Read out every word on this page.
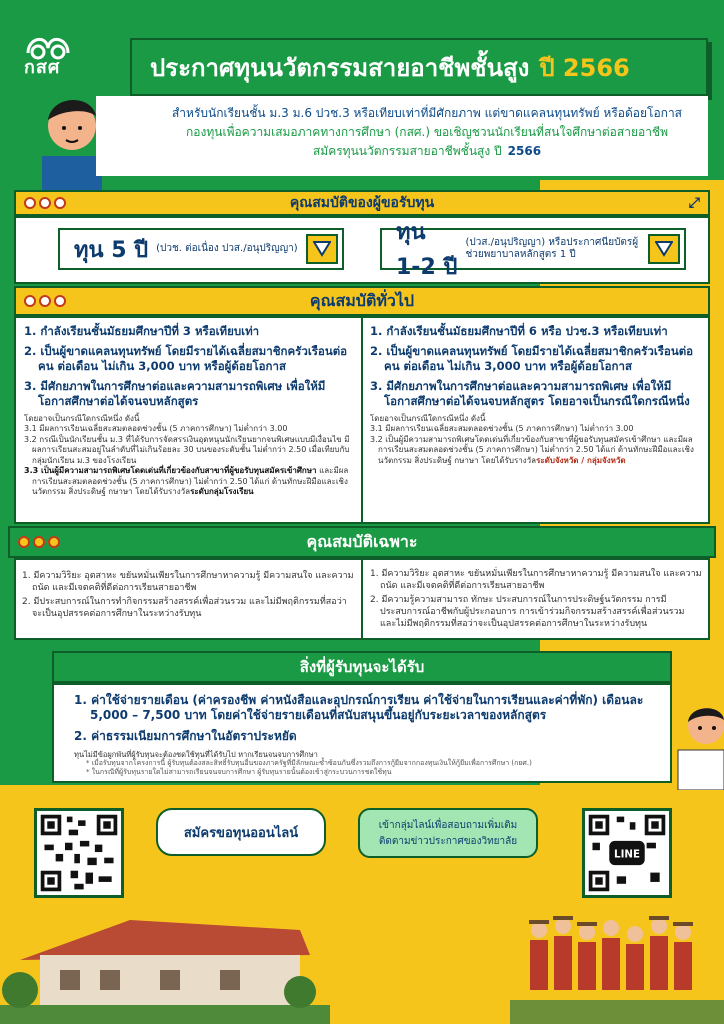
กสศ	ประกาศทุนนวัตกรรมสายอาชีพชั้นสูง ปี 2566
สำหรับนักเรียนชั้น ม.3 ม.6 ปวช.3 หรือเทียบเท่าที่มีศักยภาพ แต่ขาดแคลนทุนทรัพย์ หรือด้อยโอกาส
กองทุนเพื่อความเสมอภาคทางการศึกษา (กสศ.) ขอเชิญชวนนักเรียนที่สนใจศึกษาต่อสายอาชีพ
สมัครทุนนวัตกรรมสายอาชีพชั้นสูง ปี 2566
คุณสมบัติของผู้ขอรับทุน	⤢
ทุน 5 ปี (ปวช. ต่อเนื่อง ปวส./อนุปริญญา)
ทุน 1-2 ปี
(ปวส./อนุปริญญา) หรือประกาศนียบัตรผู้ช่วยพยาบาลหลักสูตร 1 ปี
คุณสมบัติทั่วไป
1. กำลังเรียนชั้นมัธยมศึกษาปีที่ 3 หรือเทียบเท่า
2. เป็นผู้ขาดแคลนทุนทรัพย์ โดยมีรายได้เฉลี่ยสมาชิกครัวเรือนต่อคน ต่อเดือน ไม่เกิน 3,000 บาท หรือผู้ด้อยโอกาส
3. มีศักยภาพในการศึกษาต่อและความสามารถพิเศษ เพื่อให้มีโอกาสศึกษาต่อได้จนจบหลักสูตร
โดยอาจเป็นกรณีใดกรณีหนึ่ง ดังนี้
3.1 มีผลการเรียนเฉลี่ยสะสมตลอดช่วงชั้น (5 ภาคการศึกษา) ไม่ต่ำกว่า 3.00
3.2 กรณีเป็นนักเรียนชั้น ม.3 ที่ได้รับการจัดสรรเงินอุดหนุนนักเรียนยากจนพิเศษแบบมีเงื่อนไข มีผลการเรียนสะสมอยู่ในลำดับที่ไม่เกินร้อยละ 30 บนของระดับชั้น ไม่ต่ำกว่า 2.50 เมื่อเทียบกับกลุ่มนักเรียน ม.3 ของโรงเรียน
3.3 เป็นผู้มีความสามารถพิเศษโดดเด่นที่เกี่ยวข้องกับสาขาที่ผู้ขอรับทุนสมัครเข้าศึกษา และมีผลการเรียนสะสมตลอดช่วงชั้น (5 ภาคการศึกษา) ไม่ต่ำกว่า 2.50 ได้แก่ ด้านทักษะฝีมือและเชิงนวัตกรรม สิ่งประดิษฐ์ กษาษา โดยได้รับรางวัลระดับกลุ่มโรงเรียน
1. กำลังเรียนชั้นมัธยมศึกษาปีที่ 6 หรือ ปวช.3 หรือเทียบเท่า
2. เป็นผู้ขาดแคลนทุนทรัพย์ โดยมีรายได้เฉลี่ยสมาชิกครัวเรือนต่อคน ต่อเดือน ไม่เกิน 3,000 บาท หรือผู้ด้อยโอกาส
3. มีศักยภาพในการศึกษาต่อและความสามารถพิเศษ เพื่อให้มีโอกาสศึกษาต่อได้จนจบหลักสูตร โดยอาจเป็นกรณีใดกรณีหนึ่ง
โดยอาจเป็นกรณีใดกรณีหนึ่ง ดังนี้
3.1 มีผลการเรียนเฉลี่ยสะสมตลอดช่วงชั้น (5 ภาคการศึกษา) ไม่ต่ำกว่า 3.00
3.2 เป็นผู้มีความสามารถพิเศษโดดเด่นที่เกี่ยวข้องกับสาขาที่ผู้ขอรับทุนสมัครเข้าศึกษา และมีผลการเรียนสะสมตลอดช่วงชั้น (5 ภาคการศึกษา) ไม่ต่ำกว่า 2.50 ได้แก่ ด้านทักษะฝีมือและเชิงนวัตกรรม สิ่งประดิษฐ์ กษาษา โดยได้รับรางวัลระดับจังหวัด / กลุ่มจังหวัด
คุณสมบัติเฉพาะ
1. มีความวิริยะ อุตสาหะ ขยันหมั่นเพียรในการศึกษาหาความรู้ มีความสนใจ และความถนัด และมีเจตคติที่ดีต่อการเรียนสายอาชีพ
2. มีประสบการณ์ในการทำกิจกรรมสร้างสรรค์เพื่อส่วนรวม และไม่มีพฤติกรรมที่สอว่าจะเป็นอุปสรรคต่อการศึกษาในระหว่างรับทุน
1. มีความวิริยะ อุตสาหะ ขยันหมั่นเพียรในการศึกษาหาความรู้ มีความสนใจ และความถนัด และมีเจตคติที่ดีต่อการเรียนสายอาชีพ
2. มีความรู้ความสามารถ ทักษะ ประสบการณ์ในการประดิษฐ์นวัตกรรม การมีประสบการณ์อาชีพกับผู้ประกอบการ การเข้าร่วมกิจกรรมสร้างสรรค์เพื่อส่วนรวม และไม่มีพฤติกรรมที่สอว่าจะเป็นอุปสรรคต่อการศึกษาในระหว่างรับทุน
สิ่งที่ผู้รับทุนจะได้รับ
1. ค่าใช้จ่ายรายเดือน (ค่าครองชีพ ค่าหนังสือและอุปกรณ์การเรียน ค่าใช้จ่ายในการเรียนและค่าที่พัก) เดือนละ 5,000 – 7,500 บาท โดยค่าใช้จ่ายรายเดือนที่สนับสนุนขึ้นอยู่กับระยะเวลาของหลักสูตร
2. ค่าธรรมเนียมการศึกษาในอัตราประหยัด
ทุนไม่มีข้อผูกพันที่ผู้รับทุนจะต้องชดใช้ทุนที่ได้รับไป หากเรียนจนจบการศึกษา
* เมื่อรับทุนจากโครงการนี้ ผู้รับทุนต้องสละสิทธิ์รับทุนอื่นของภาครัฐที่มีลักษณะซ้ำซ้อนกันซึ่งรวมถึงการกู้ยืมจากกองทุนเงินให้กู้ยืมเพื่อการศึกษา (กยศ.)
* ในกรณีที่ผู้รับทุนรายใดไม่สามารถเรียนจนจบการศึกษา ผู้รับทุนรายนั้นต้องเข้าสู่กระบวนการชดใช้ทุน
สมัครขอทุนออนไลน์	เข้ากลุ่มไลน์เพื่อสอบถามเพิ่มเติม
ติดตามข่าวประกาศของวิทยาลัย
LINE
